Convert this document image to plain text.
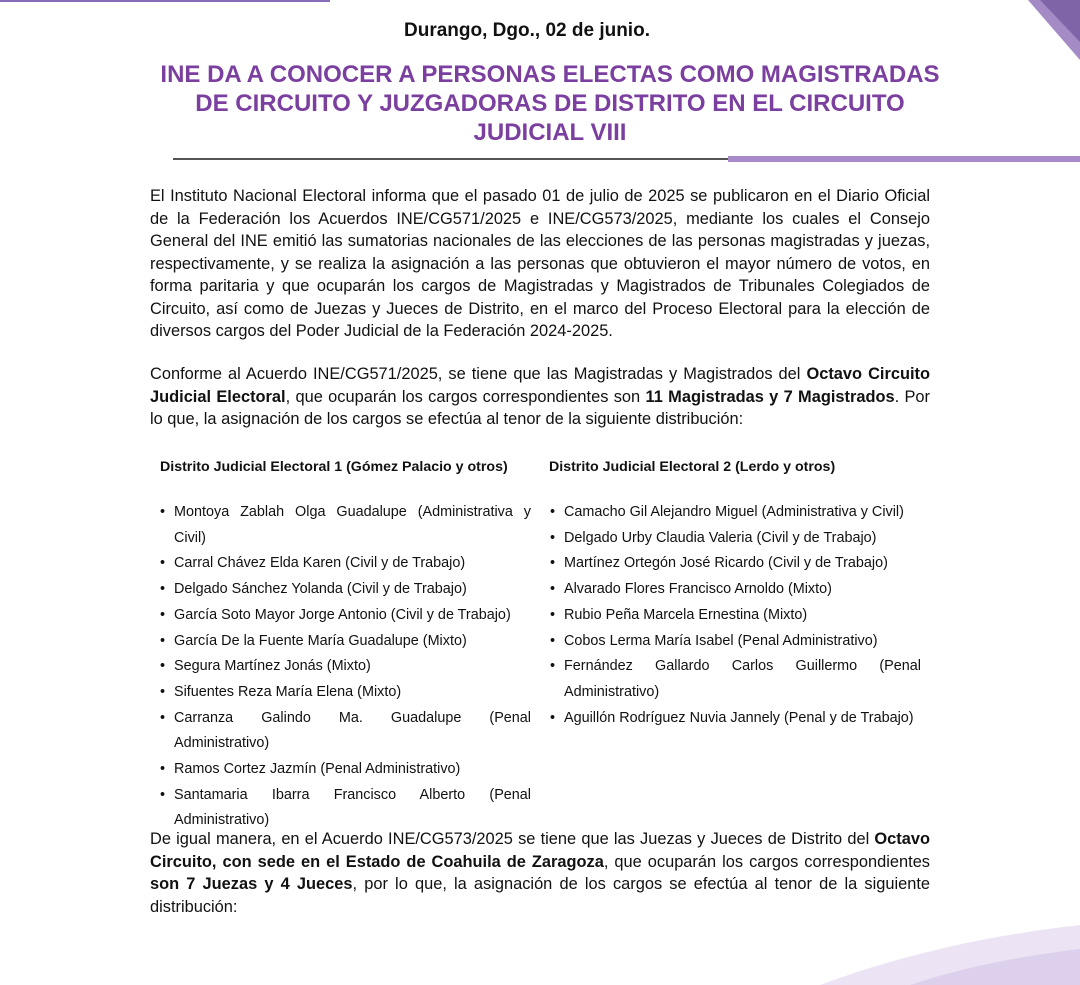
Durango, Dgo., 02 de junio.
INE DA A CONOCER A PERSONAS ELECTAS COMO MAGISTRADAS DE CIRCUITO Y JUZGADORAS DE DISTRITO EN EL CIRCUITO JUDICIAL VIII

El Instituto Nacional Electoral informa que el pasado 01 de julio de 2025 se publicaron en el Diario Oficial de la Federación los Acuerdos INE/CG571/2025 e INE/CG573/2025, mediante los cuales el Consejo General del INE emitió las sumatorias nacionales de las elecciones de las personas magistradas y juezas, respectivamente, y se realiza la asignación a las personas que obtuvieron el mayor número de votos, en forma paritaria y que ocuparán los cargos de Magistradas y Magistrados de Tribunales Colegiados de Circuito, así como de Juezas y Jueces de Distrito, en el marco del Proceso Electoral para la elección de diversos cargos del Poder Judicial de la Federación 2024-2025.

Conforme al Acuerdo INE/CG571/2025, se tiene que las Magistradas y Magistrados del Octavo Circuito Judicial Electoral, que ocuparán los cargos correspondientes son 11 Magistradas y 7 Magistrados. Por lo que, la asignación de los cargos se efectúa al tenor de la siguiente distribución:

Distrito Judicial Electoral 1 (Gómez Palacio y otros)	Distrito Judicial Electoral 2 (Lerdo y otros)
• Montoya Zablah Olga Guadalupe (Administrativa y Civil)
• Carral Chávez Elda Karen (Civil y de Trabajo)
• Delgado Sánchez Yolanda (Civil y de Trabajo)
• García Soto Mayor Jorge Antonio (Civil y de Trabajo)
• García De la Fuente María Guadalupe (Mixto)
• Segura Martínez Jonás (Mixto)
• Sifuentes Reza María Elena (Mixto)
• Carranza Galindo Ma. Guadalupe (Penal Administrativo)
• Ramos Cortez Jazmín (Penal Administrativo)
• Santamaria Ibarra Francisco Alberto (Penal Administrativo)
• Camacho Gil Alejandro Miguel (Administrativa y Civil)
• Delgado Urby Claudia Valeria (Civil y de Trabajo)
• Martínez Ortegón José Ricardo (Civil y de Trabajo)
• Alvarado Flores Francisco Arnoldo (Mixto)
• Rubio Peña Marcela Ernestina (Mixto)
• Cobos Lerma María Isabel (Penal Administrativo)
• Fernández Gallardo Carlos Guillermo (Penal Administrativo)
• Aguillón Rodríguez Nuvia Jannely (Penal y de Trabajo)

De igual manera, en el Acuerdo INE/CG573/2025 se tiene que las Juezas y Jueces de Distrito del Octavo Circuito, con sede en el Estado de Coahuila de Zaragoza, que ocuparán los cargos correspondientes son 7 Juezas y 4 Jueces, por lo que, la asignación de los cargos se efectúa al tenor de la siguiente distribución:
